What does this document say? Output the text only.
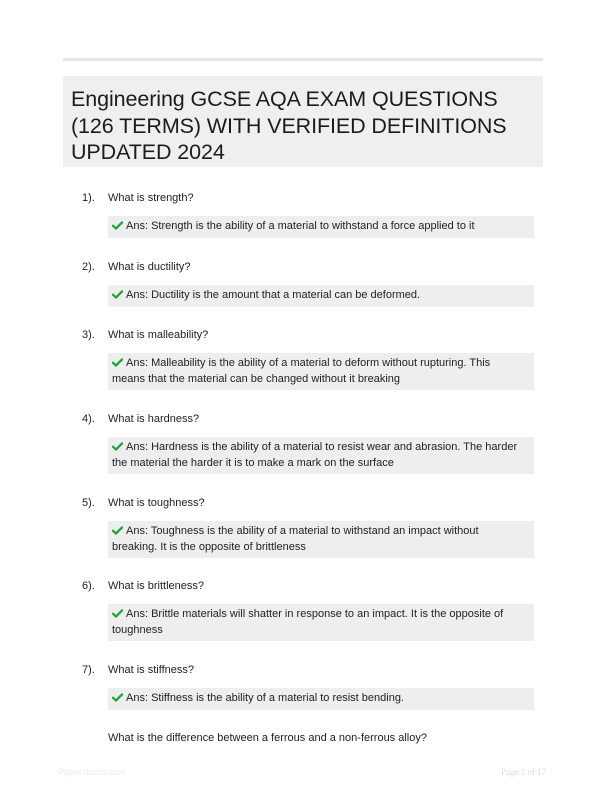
Engineering GCSE AQA EXAM QUESTIONS (126 TERMS) WITH VERIFIED DEFINITIONS UPDATED 2024
1). What is strength?
Ans: Strength is the ability of a material to withstand a force applied to it
2). What is ductility?
Ans: Ductility is the amount that a material can be deformed.
3). What is malleability?
Ans: Malleability is the ability of a material to deform without rupturing. This means that the material can be changed without it breaking
4). What is hardness?
Ans: Hardness is the ability of a material to resist wear and abrasion. The harder the material the harder it is to make a mark on the surface
5). What is toughness?
Ans: Toughness is the ability of a material to withstand an impact without breaking. It is the opposite of brittleness
6). What is brittleness?
Ans: Brittle materials will shatter in response to an impact. It is the opposite of toughness
7). What is stiffness?
Ans: Stiffness is the ability of a material to resist bending.
What is the difference between a ferrous and a non-ferrous alloy?
Paperstudio.com	Page 1 of 17
